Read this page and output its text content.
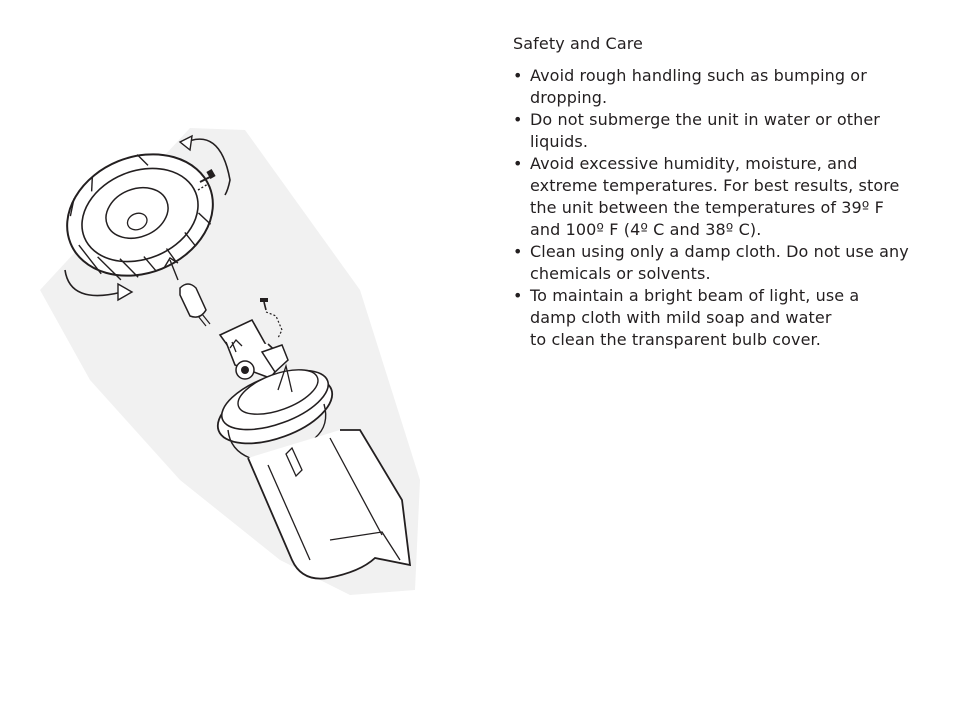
Safety and Care
• Avoid rough handling such as bumping or
dropping.
• Do not submerge the unit in water or other
liquids.
• Avoid excessive humidity, moisture, and
extreme temperatures. For best results, store
the unit between the temperatures of 39º F
and 100º F (4º C and 38º C).
• Clean using only a damp cloth. Do not use any
chemicals or solvents.
• To maintain a bright beam of light, use a
damp cloth with mild soap and water
to clean the transparent bulb cover.
